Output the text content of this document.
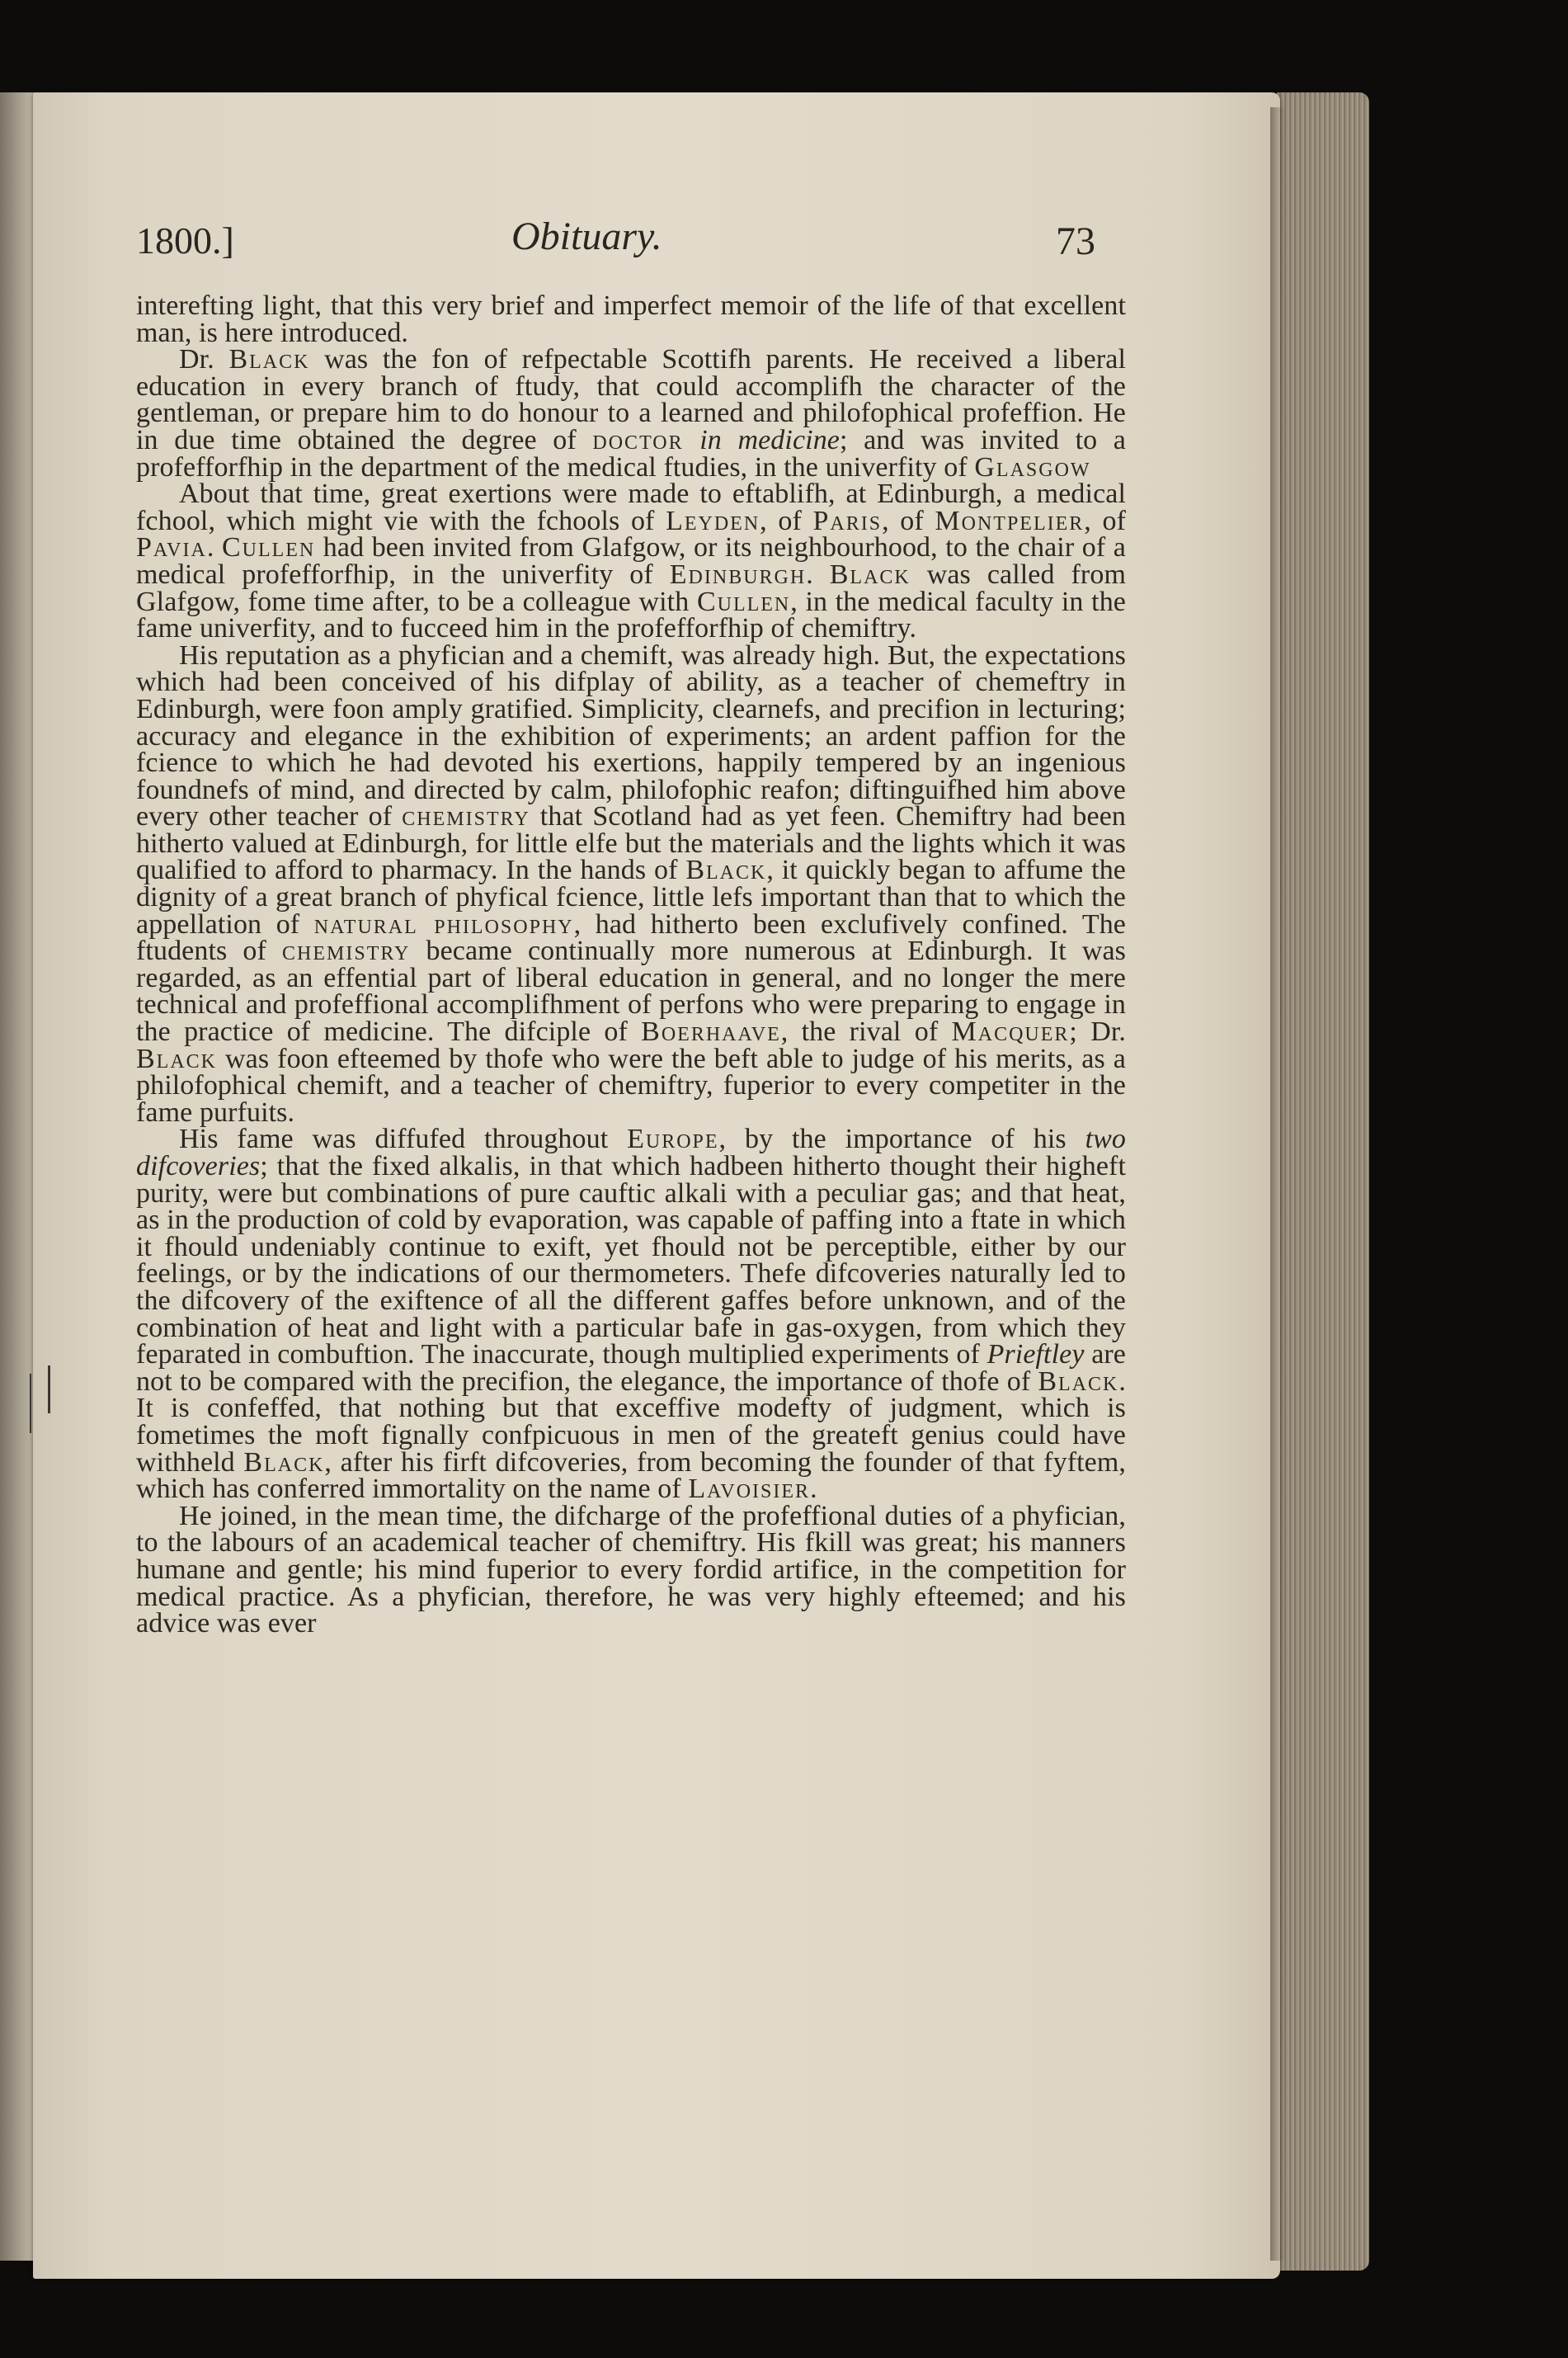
1800.]	Obituary.	73

interefting light, that this very brief and imperfect memoir of the life of that excellent man, is here introduced.

Dr. Black was the fon of refpectable Scottifh parents. He received a liberal education in every branch of ftudy, that could accomplifh the character of the gentleman, or prepare him to do honour to a learned and philofophical profeffion. He in due time obtained the degree of doctor in medicine; and was invited to a profefforfhip in the department of the medical ftudies, in the univerfity of Glasgow

About that time, great exertions were made to eftablifh, at Edinburgh, a medical fchool, which might vie with the fchools of Leyden, of Paris, of Montpelier, of Pavia. Cullen had been invited from Glafgow, or its neighbourhood, to the chair of a medical profefforfhip, in the univerfity of Edinburgh. Black was called from Glafgow, fome time after, to be a colleague with Cullen, in the medical faculty in the fame univerfity, and to fucceed him in the profefforfhip of chemiftry.

His reputation as a phyfician and a chemift, was already high. But, the expectations which had been conceived of his difplay of ability, as a teacher of chemeftry in Edinburgh, were foon amply gratified. Simplicity, clearnefs, and precifion in lecturing; accuracy and elegance in the exhibition of experiments; an ardent paffion for the fcience to which he had devoted his exertions, happily tempered by an ingenious foundnefs of mind, and directed by calm, philofophic reafon; diftinguifhed him above every other teacher of chemistry that Scotland had as yet feen. Chemiftry had been hitherto valued at Edinburgh, for little elfe but the materials and the lights which it was qualified to afford to pharmacy. In the hands of Black, it quickly began to affume the dignity of a great branch of phyfical fcience, little lefs important than that to which the appellation of natural philosophy, had hitherto been exclufively confined. The ftudents of chemistry became continually more numerous at Edinburgh. It was regarded, as an effential part of liberal education in general, and no longer the mere technical and profeffional accomplifhment of perfons who were preparing to engage in the practice of medicine. The difciple of Boerhaave, the rival of Macquer; Dr. Black was foon efteemed by thofe who were the beft able to judge of his merits, as a philofophical chemift, and a teacher of chemiftry, fuperior to every competiter in the fame purfuits.

His fame was diffufed throughout Europe, by the importance of his two difcoveries; that the fixed alkalis, in that which hadbeen hitherto thought their higheft purity, were but combinations of pure cauftic alkali with a peculiar gas; and that heat, as in the production of cold by evaporation, was capable of paffing into a ftate in which it fhould undeniably continue to exift, yet fhould not be perceptible, either by our feelings, or by the indications of our thermometers. Thefe difcoveries naturally led to the difcovery of the exiftence of all the different gaffes before unknown, and of the combination of heat and light with a particular bafe in gas-oxygen, from which they feparated in combuftion. The inaccurate, though multiplied experiments of Prieftley are not to be compared with the precifion, the elegance, the importance of thofe of Black. It is confeffed, that nothing but that exceffive modefty of judgment, which is fometimes the moft fignally confpicuous in men of the greateft genius could have withheld Black, after his firft difcoveries, from becoming the founder of that fyftem, which has conferred immortality on the name of Lavoisier.

He joined, in the mean time, the difcharge of the profeffional duties of a phyfician, to the labours of an academical teacher of chemiftry. His fkill was great; his manners humane and gentle; his mind fuperior to every fordid artifice, in the competition for medical practice. As a phyfician, therefore, he was very highly efteemed; and his advice was ever
